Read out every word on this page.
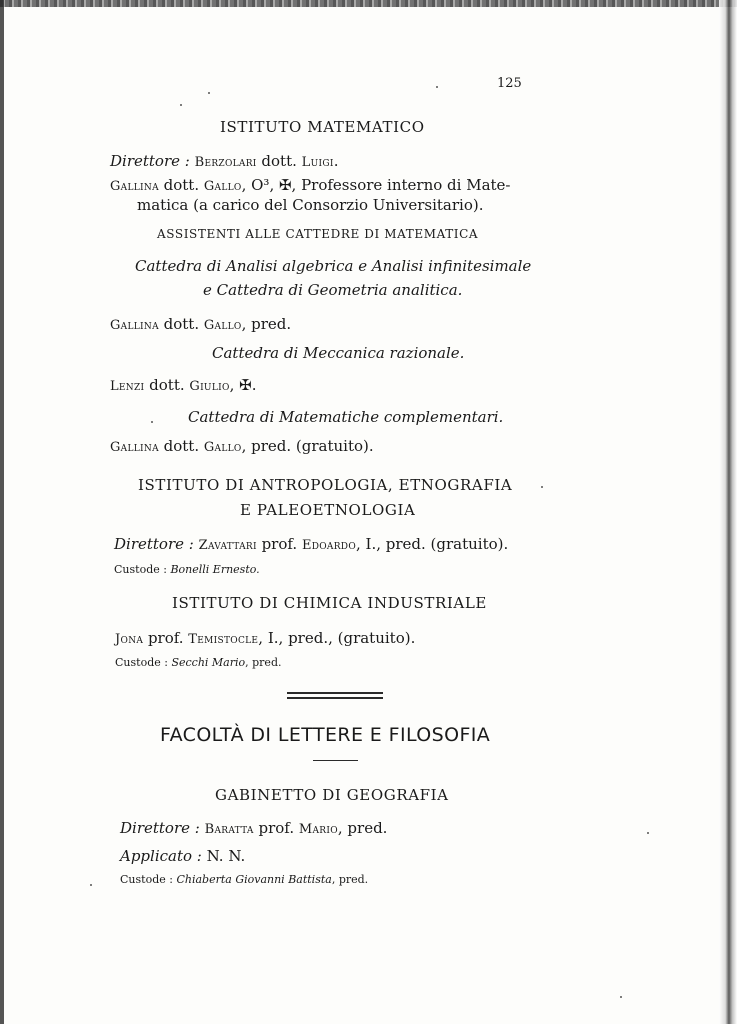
125
ISTITUTO MATEMATICO
Direttore : Berzolari dott. Luigi.
Gallina dott. Gallo, O³, ✠, Professore interno di Mate-
matica (a carico del Consorzio Universitario).
ASSISTENTI ALLE CATTEDRE DI MATEMATICA
Cattedra di Analisi algebrica e Analisi infinitesimale
e Cattedra di Geometria analitica.
Gallina dott. Gallo, pred.
Cattedra di Meccanica razionale.
Lenzi dott. Giulio, ✠.
Cattedra di Matematiche complementari.
Gallina dott. Gallo, pred. (gratuito).
ISTITUTO DI ANTROPOLOGIA, ETNOGRAFIA
E PALEOETNOLOGIA
Direttore : Zavattari prof. Edoardo, I., pred. (gratuito).
Custode : Bonelli Ernesto.
ISTITUTO DI CHIMICA INDUSTRIALE
Jona prof. Temistocle, I., pred., (gratuito).
Custode : Secchi Mario, pred.
FACOLTÀ DI LETTERE E FILOSOFIA
GABINETTO DI GEOGRAFIA
Direttore : Baratta prof. Mario, pred.
Applicato : N. N.
Custode : Chiaberta Giovanni Battista, pred.
